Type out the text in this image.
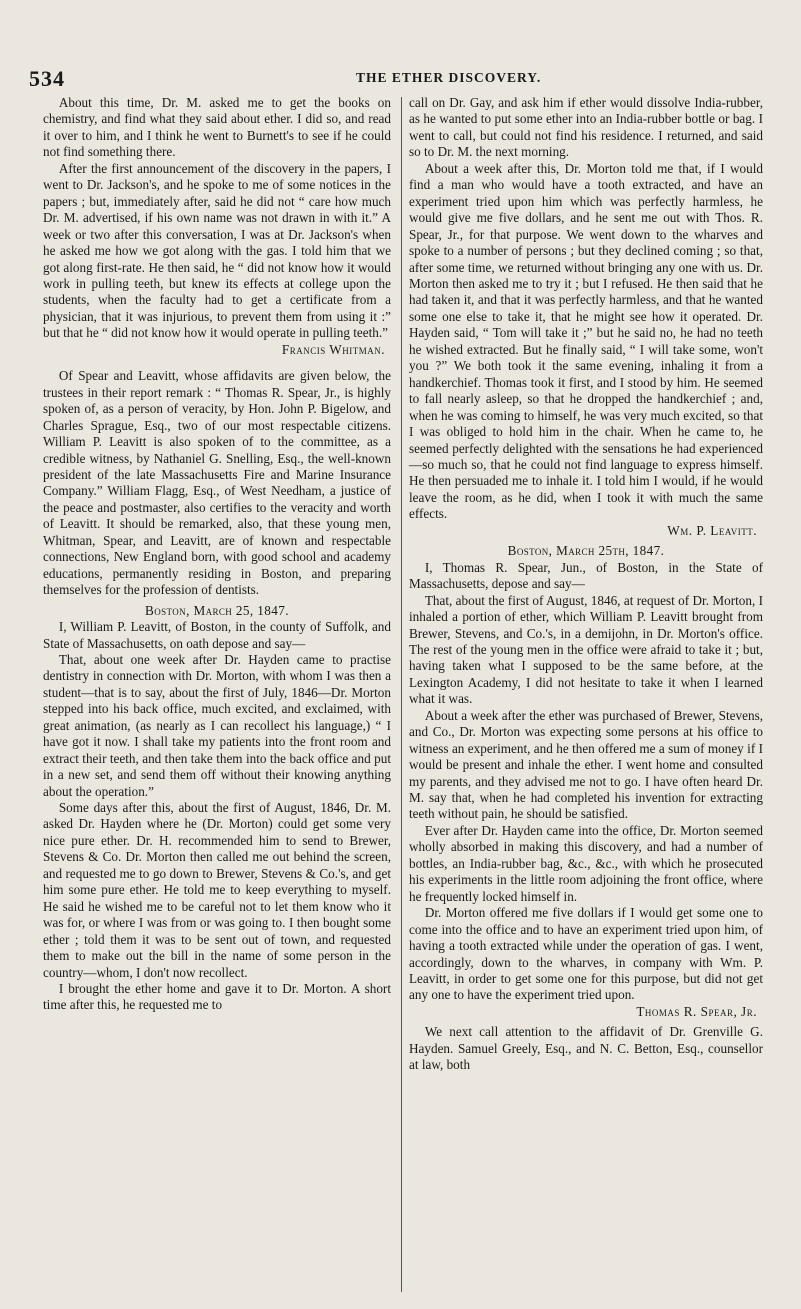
534	THE ETHER DISCOVERY.

About this time, Dr. M. asked me to get the books on chemistry, and find what they said about ether. I did so, and read it over to him, and I think he went to Burnett's to see if he could not find something there.

After the first announcement of the discovery in the papers, I went to Dr. Jackson's, and he spoke to me of some notices in the papers ; but, immediately after, said he did not “ care how much Dr. M. advertised, if his own name was not drawn in with it.” A week or two after this conversation, I was at Dr. Jackson's when he asked me how we got along with the gas. I told him that we got along first-rate. He then said, he “ did not know how it would work in pulling teeth, but knew its effects at college upon the students, when the faculty had to get a certificate from a physician, that it was injurious, to prevent them from using it :” but that he “ did not know how it would operate in pulling teeth.”

Francis Whitman.

Of Spear and Leavitt, whose affidavits are given below, the trustees in their report remark : “ Thomas R. Spear, Jr., is highly spoken of, as a person of veracity, by Hon. John P. Bigelow, and Charles Sprague, Esq., two of our most respectable citizens. William P. Leavitt is also spoken of to the committee, as a credible witness, by Nathaniel G. Snelling, Esq., the well-known president of the late Massachusetts Fire and Marine Insurance Company.” William Flagg, Esq., of West Needham, a justice of the peace and postmaster, also certifies to the veracity and worth of Leavitt. It should be remarked, also, that these young men, Whitman, Spear, and Leavitt, are of known and respectable connections, New England born, with good school and academy educations, permanently residing in Boston, and preparing themselves for the profession of dentists.

Boston, March 25, 1847.

I, William P. Leavitt, of Boston, in the county of Suffolk, and State of Massachusetts, on oath depose and say—

That, about one week after Dr. Hayden came to practise dentistry in connection with Dr. Morton, with whom I was then a student—that is to say, about the first of July, 1846—Dr. Morton stepped into his back office, much excited, and exclaimed, with great animation, (as nearly as I can recollect his language,) “ I have got it now. I shall take my patients into the front room and extract their teeth, and then take them into the back office and put in a new set, and send them off without their knowing anything about the operation.”

Some days after this, about the first of August, 1846, Dr. M. asked Dr. Hayden where he (Dr. Morton) could get some very nice pure ether. Dr. H. recommended him to send to Brewer, Stevens & Co. Dr. Morton then called me out behind the screen, and requested me to go down to Brewer, Stevens & Co.'s, and get him some pure ether. He told me to keep everything to myself. He said he wished me to be careful not to let them know who it was for, or where I was from or was going to. I then bought some ether ; told them it was to be sent out of town, and requested them to make out the bill in the name of some person in the country—whom, I don't now recollect.

I brought the ether home and gave it to Dr. Morton. A short time after this, he requested me to

call on Dr. Gay, and ask him if ether would dissolve India-rubber, as he wanted to put some ether into an India-rubber bottle or bag. I went to call, but could not find his residence. I returned, and said so to Dr. M. the next morning.

About a week after this, Dr. Morton told me that, if I would find a man who would have a tooth extracted, and have an experiment tried upon him which was perfectly harmless, he would give me five dollars, and he sent me out with Thos. R. Spear, Jr., for that purpose. We went down to the wharves and spoke to a number of persons ; but they declined coming ; so that, after some time, we returned without bringing any one with us. Dr. Morton then asked me to try it ; but I refused. He then said that he had taken it, and that it was perfectly harmless, and that he wanted some one else to take it, that he might see how it operated. Dr. Hayden said, “ Tom will take it ;” but he said no, he had no teeth he wished extracted. But he finally said, “ I will take some, won't you ?” We both took it the same evening, inhaling it from a handkerchief. Thomas took it first, and I stood by him. He seemed to fall nearly asleep, so that he dropped the handkerchief ; and, when he was coming to himself, he was very much excited, so that I was obliged to hold him in the chair. When he came to, he seemed perfectly delighted with the sensations he had experienced—so much so, that he could not find language to express himself. He then persuaded me to inhale it. I told him I would, if he would leave the room, as he did, when I took it with much the same effects.

Wm. P. Leavitt.

Boston, March 25th, 1847.

I, Thomas R. Spear, Jun., of Boston, in the State of Massachusetts, depose and say—

That, about the first of August, 1846, at request of Dr. Morton, I inhaled a portion of ether, which William P. Leavitt brought from Brewer, Stevens, and Co.'s, in a demijohn, in Dr. Morton's office. The rest of the young men in the office were afraid to take it ; but, having taken what I supposed to be the same before, at the Lexington Academy, I did not hesitate to take it when I learned what it was.

About a week after the ether was purchased of Brewer, Stevens, and Co., Dr. Morton was expecting some persons at his office to witness an experiment, and he then offered me a sum of money if I would be present and inhale the ether. I went home and consulted my parents, and they advised me not to go. I have often heard Dr. M. say that, when he had completed his invention for extracting teeth without pain, he should be satisfied.

Ever after Dr. Hayden came into the office, Dr. Morton seemed wholly absorbed in making this discovery, and had a number of bottles, an India-rubber bag, &c., &c., with which he prosecuted his experiments in the little room adjoining the front office, where he frequently locked himself in.

Dr. Morton offered me five dollars if I would get some one to come into the office and to have an experiment tried upon him, of having a tooth extracted while under the operation of gas. I went, accordingly, down to the wharves, in company with Wm. P. Leavitt, in order to get some one for this purpose, but did not get any one to have the experiment tried upon.

Thomas R. Spear, Jr.

We next call attention to the affidavit of Dr. Grenville G. Hayden. Samuel Greely, Esq., and N. C. Betton, Esq., counsellor at law, both
